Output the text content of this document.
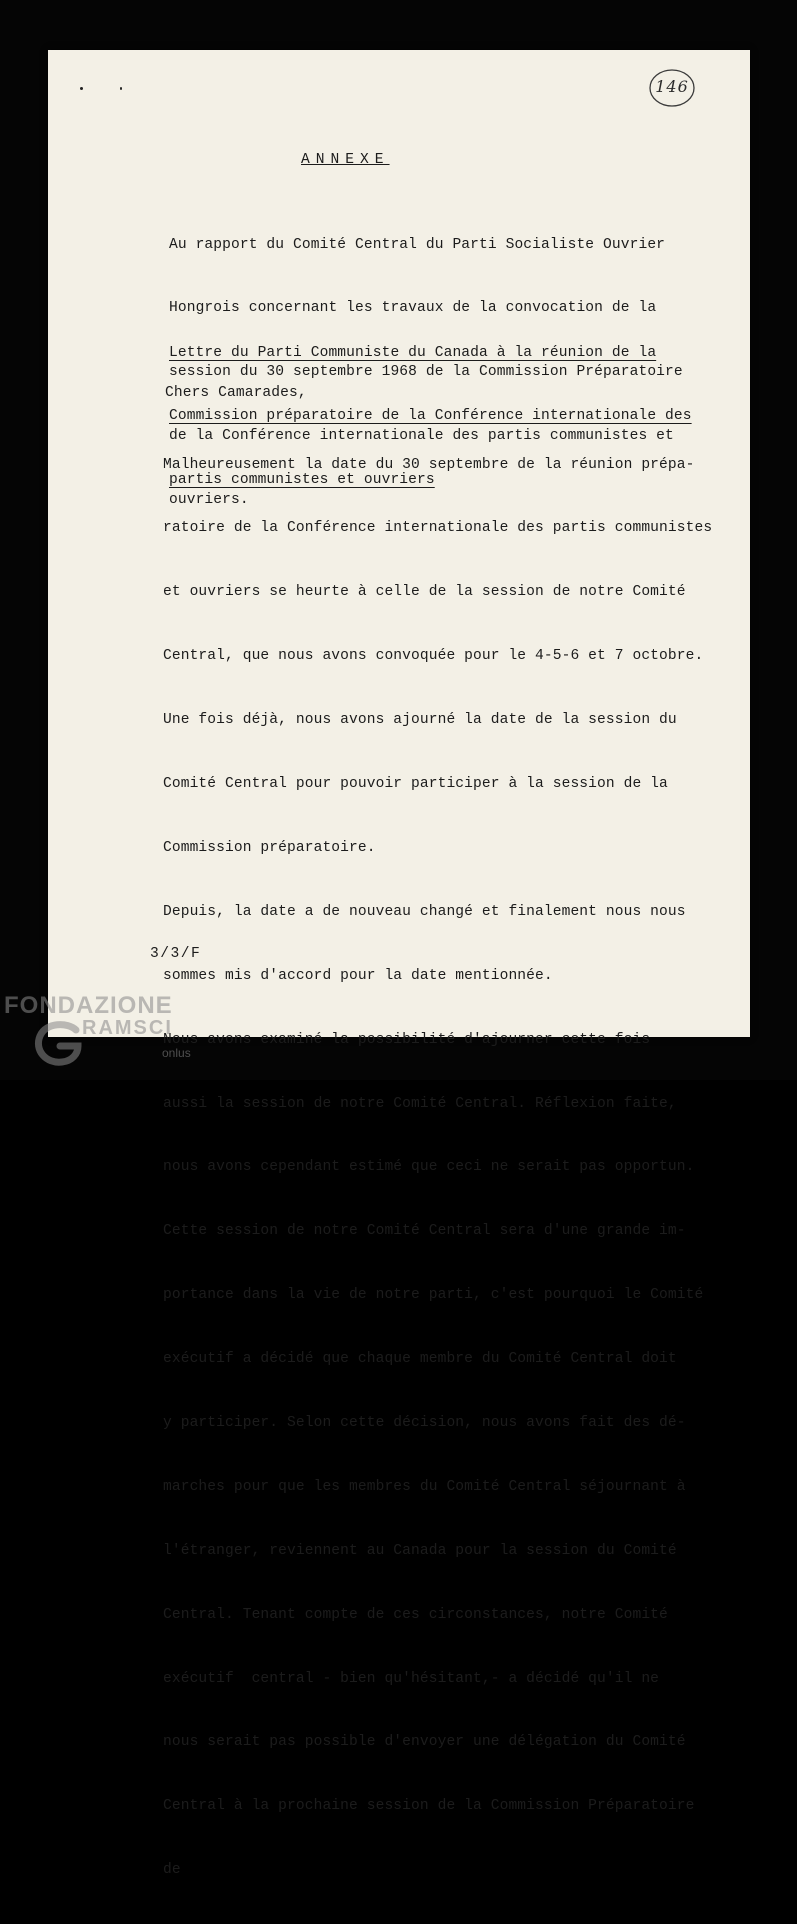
146
ANNEXE

Au rapport du Comité Central du Parti Socialiste Ouvrier

Hongrois concernant les travaux de la convocation de la

session du 30 septembre 1968 de la Commission Préparatoire

de la Conférence internationale des partis communistes et

ouvriers.

Lettre du Parti Communiste du Canada à la réunion de la

Commission préparatoire de la Conférence internationale des

partis communistes et ouvriers

Chers Camarades,

Malheureusement la date du 30 septembre de la réunion prépa-

ratoire de la Conférence internationale des partis communistes

et ouvriers se heurte à celle de la session de notre Comité

Central, que nous avons convoquée pour le 4-5-6 et 7 octobre.

Une fois déjà, nous avons ajourné la date de la session du

Comité Central pour pouvoir participer à la session de la

Commission préparatoire.

Depuis, la date a de nouveau changé et finalement nous nous

sommes mis d'accord pour la date mentionnée.

Nous avons examiné la possibilité d'ajourner cette fois

aussi la session de notre Comité Central. Réflexion faite,

nous avons cependant estimé que ceci ne serait pas opportun.

Cette session de notre Comité Central sera d'une grande im-

portance dans la vie de notre parti, c'est pourquoi le Comité

exécutif a décidé que chaque membre du Comité Central doit

y participer. Selon cette décision, nous avons fait des dé-

marches pour que les membres du Comité Central séjournant à

l'étranger, reviennent au Canada pour la session du Comité

Central. Tenant compte de ces circonstances, notre Comité

exécutif  central - bien qu'hésitant,- a décidé qu'il ne

nous serait pas possible d'envoyer une délégation du Comité

Central à la prochaine session de la Commission Préparatoire

de

3/3/F
FONDAZIONE
RAMSCI
onlus
